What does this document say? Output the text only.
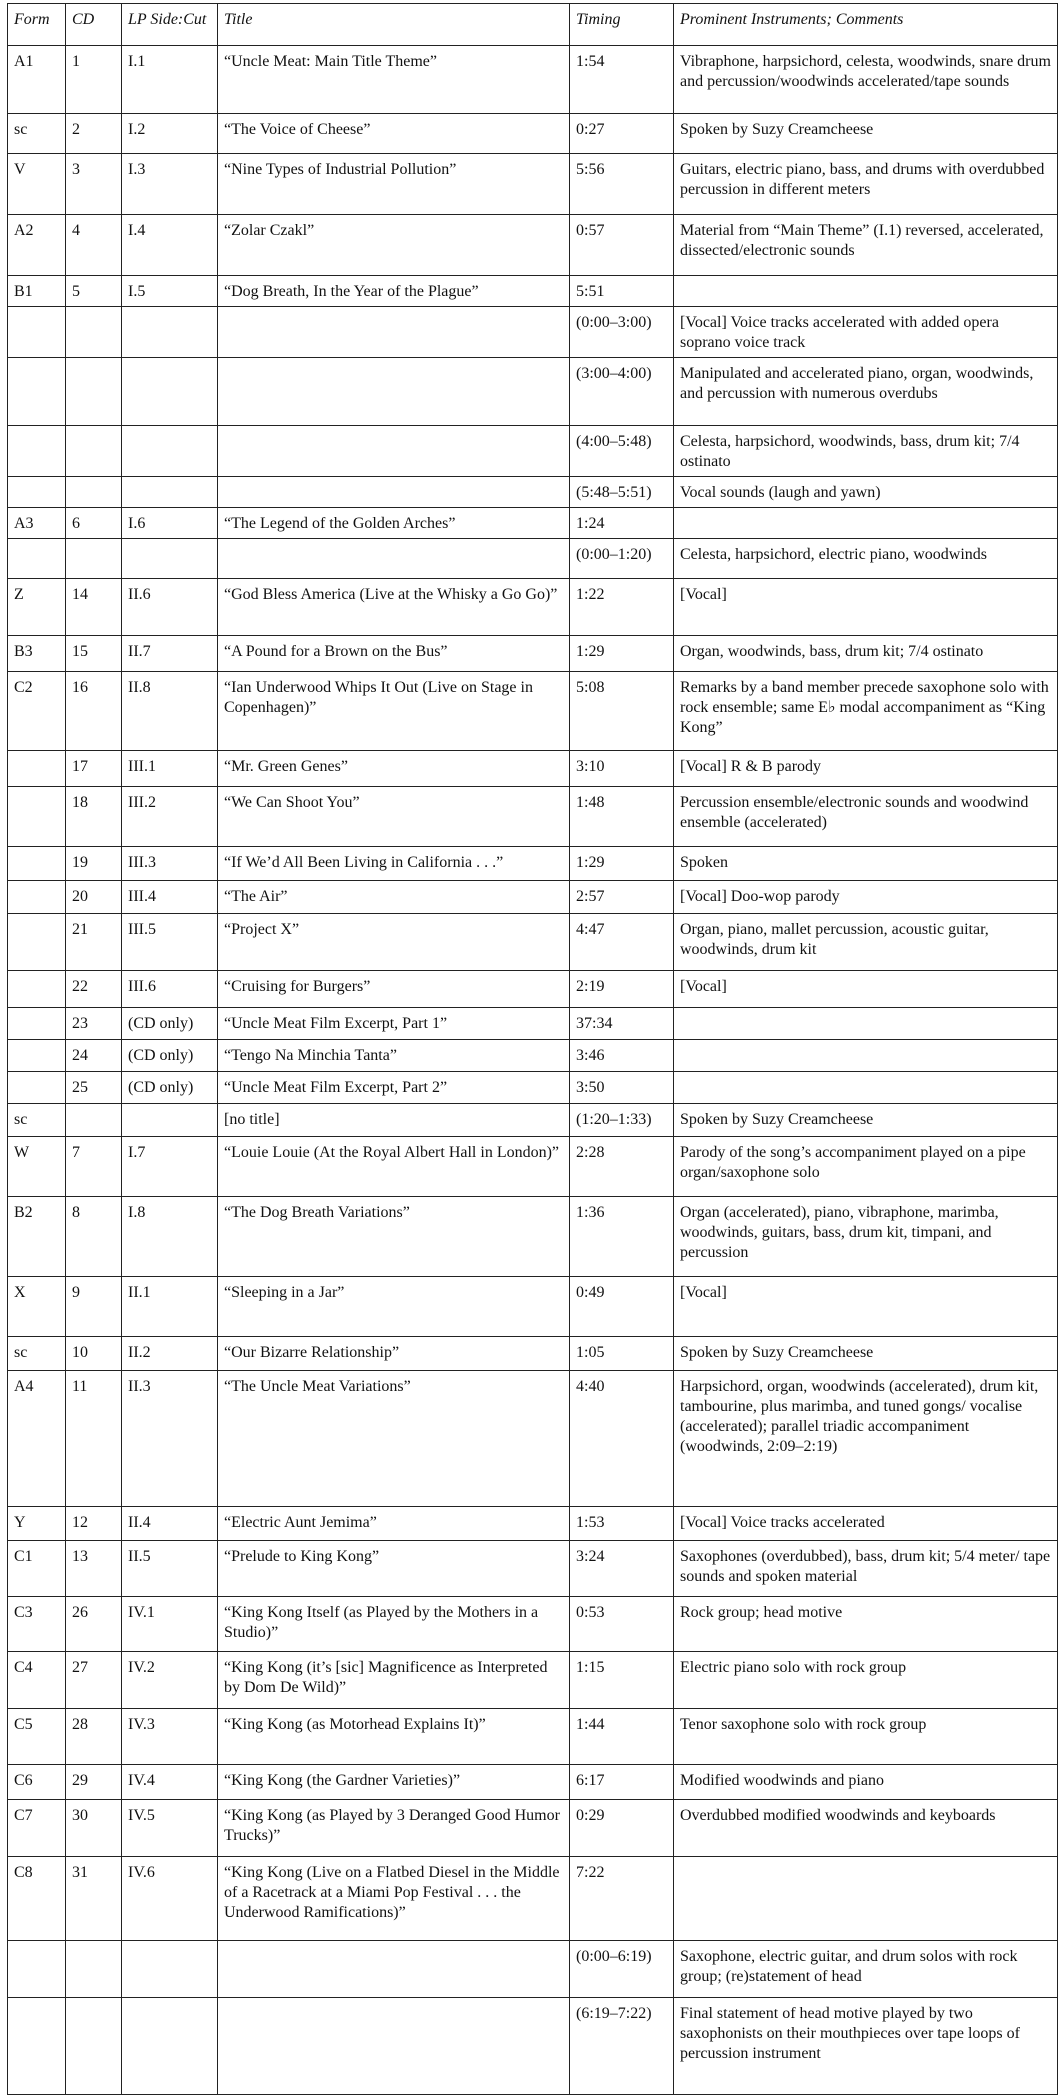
Form	CD	LP Side:Cut	Title	Timing	Prominent Instruments; Comments
A1	1	I.1	“Uncle Meat: Main Title Theme”	1:54	Vibraphone, harpsichord, celesta, woodwinds, snare drum and percussion/woodwinds accelerated/tape sounds
sc	2	I.2	“The Voice of Cheese”	0:27	Spoken by Suzy Creamcheese
V	3	I.3	“Nine Types of Industrial Pollution”	5:56	Guitars, electric piano, bass, and drums with overdubbed percussion in different meters
A2	4	I.4	“Zolar Czakl”	0:57	Material from “Main Theme” (I.1) reversed, accelerated, dissected/electronic sounds
B1	5	I.5	“Dog Breath, In the Year of the Plague”	5:51	
				(0:00–3:00)	[Vocal] Voice tracks accelerated with added opera soprano voice track
				(3:00–4:00)	Manipulated and accelerated piano, organ, woodwinds, and percussion with numerous overdubs
				(4:00–5:48)	Celesta, harpsichord, woodwinds, bass, drum kit; 7/4 ostinato
				(5:48–5:51)	Vocal sounds (laugh and yawn)
A3	6	I.6	“The Legend of the Golden Arches”	1:24	
				(0:00–1:20)	Celesta, harpsichord, electric piano, woodwinds
Z	14	II.6	“God Bless America (Live at the Whisky a Go Go)”	1:22	[Vocal]
B3	15	II.7	“A Pound for a Brown on the Bus”	1:29	Organ, woodwinds, bass, drum kit; 7/4 ostinato
C2	16	II.8	“Ian Underwood Whips It Out (Live on Stage in Copenhagen)”	5:08	Remarks by a band member precede saxophone solo with rock ensemble; same E♭ modal accompaniment as “King Kong”
	17	III.1	“Mr. Green Genes”	3:10	[Vocal] R & B parody
	18	III.2	“We Can Shoot You”	1:48	Percussion ensemble/electronic sounds and woodwind ensemble (accelerated)
	19	III.3	“If We’d All Been Living in California . . .”	1:29	Spoken
	20	III.4	“The Air”	2:57	[Vocal] Doo-wop parody
	21	III.5	“Project X”	4:47	Organ, piano, mallet percussion, acoustic guitar, woodwinds, drum kit
	22	III.6	“Cruising for Burgers”	2:19	[Vocal]
	23	(CD only)	“Uncle Meat Film Excerpt, Part 1”	37:34	
	24	(CD only)	“Tengo Na Minchia Tanta”	3:46	
	25	(CD only)	“Uncle Meat Film Excerpt, Part 2”	3:50	
sc			[no title]	(1:20–1:33)	Spoken by Suzy Creamcheese
W	7	I.7	“Louie Louie (At the Royal Albert Hall in London)”	2:28	Parody of the song’s accompaniment played on a pipe organ/saxophone solo
B2	8	I.8	“The Dog Breath Variations”	1:36	Organ (accelerated), piano, vibraphone, marimba, woodwinds, guitars, bass, drum kit, timpani, and percussion
X	9	II.1	“Sleeping in a Jar”	0:49	[Vocal]
sc	10	II.2	“Our Bizarre Relationship”	1:05	Spoken by Suzy Creamcheese
A4	11	II.3	“The Uncle Meat Variations”	4:40	Harpsichord, organ, woodwinds (accelerated), drum kit, tambourine, plus marimba, and tuned gongs/ vocalise (accelerated); parallel triadic accompaniment (woodwinds, 2:09–2:19)
Y	12	II.4	“Electric Aunt Jemima”	1:53	[Vocal] Voice tracks accelerated
C1	13	II.5	“Prelude to King Kong”	3:24	Saxophones (overdubbed), bass, drum kit; 5/4 meter/ tape sounds and spoken material
C3	26	IV.1	“King Kong Itself (as Played by the Mothers in a Studio)”	0:53	Rock group; head motive
C4	27	IV.2	“King Kong (it’s [sic] Magnificence as Interpreted by Dom De Wild)”	1:15	Electric piano solo with rock group
C5	28	IV.3	“King Kong (as Motorhead Explains It)”	1:44	Tenor saxophone solo with rock group
C6	29	IV.4	“King Kong (the Gardner Varieties)”	6:17	Modified woodwinds and piano
C7	30	IV.5	“King Kong (as Played by 3 Deranged Good Humor Trucks)”	0:29	Overdubbed modified woodwinds and keyboards
C8	31	IV.6	“King Kong (Live on a Flatbed Diesel in the Middle of a Racetrack at a Miami Pop Festival . . . the Underwood Ramifications)”	7:22	
				(0:00–6:19)	Saxophone, electric guitar, and drum solos with rock group; (re)statement of head
				(6:19–7:22)	Final statement of head motive played by two saxophonists on their mouthpieces over tape loops of percussion instrument
